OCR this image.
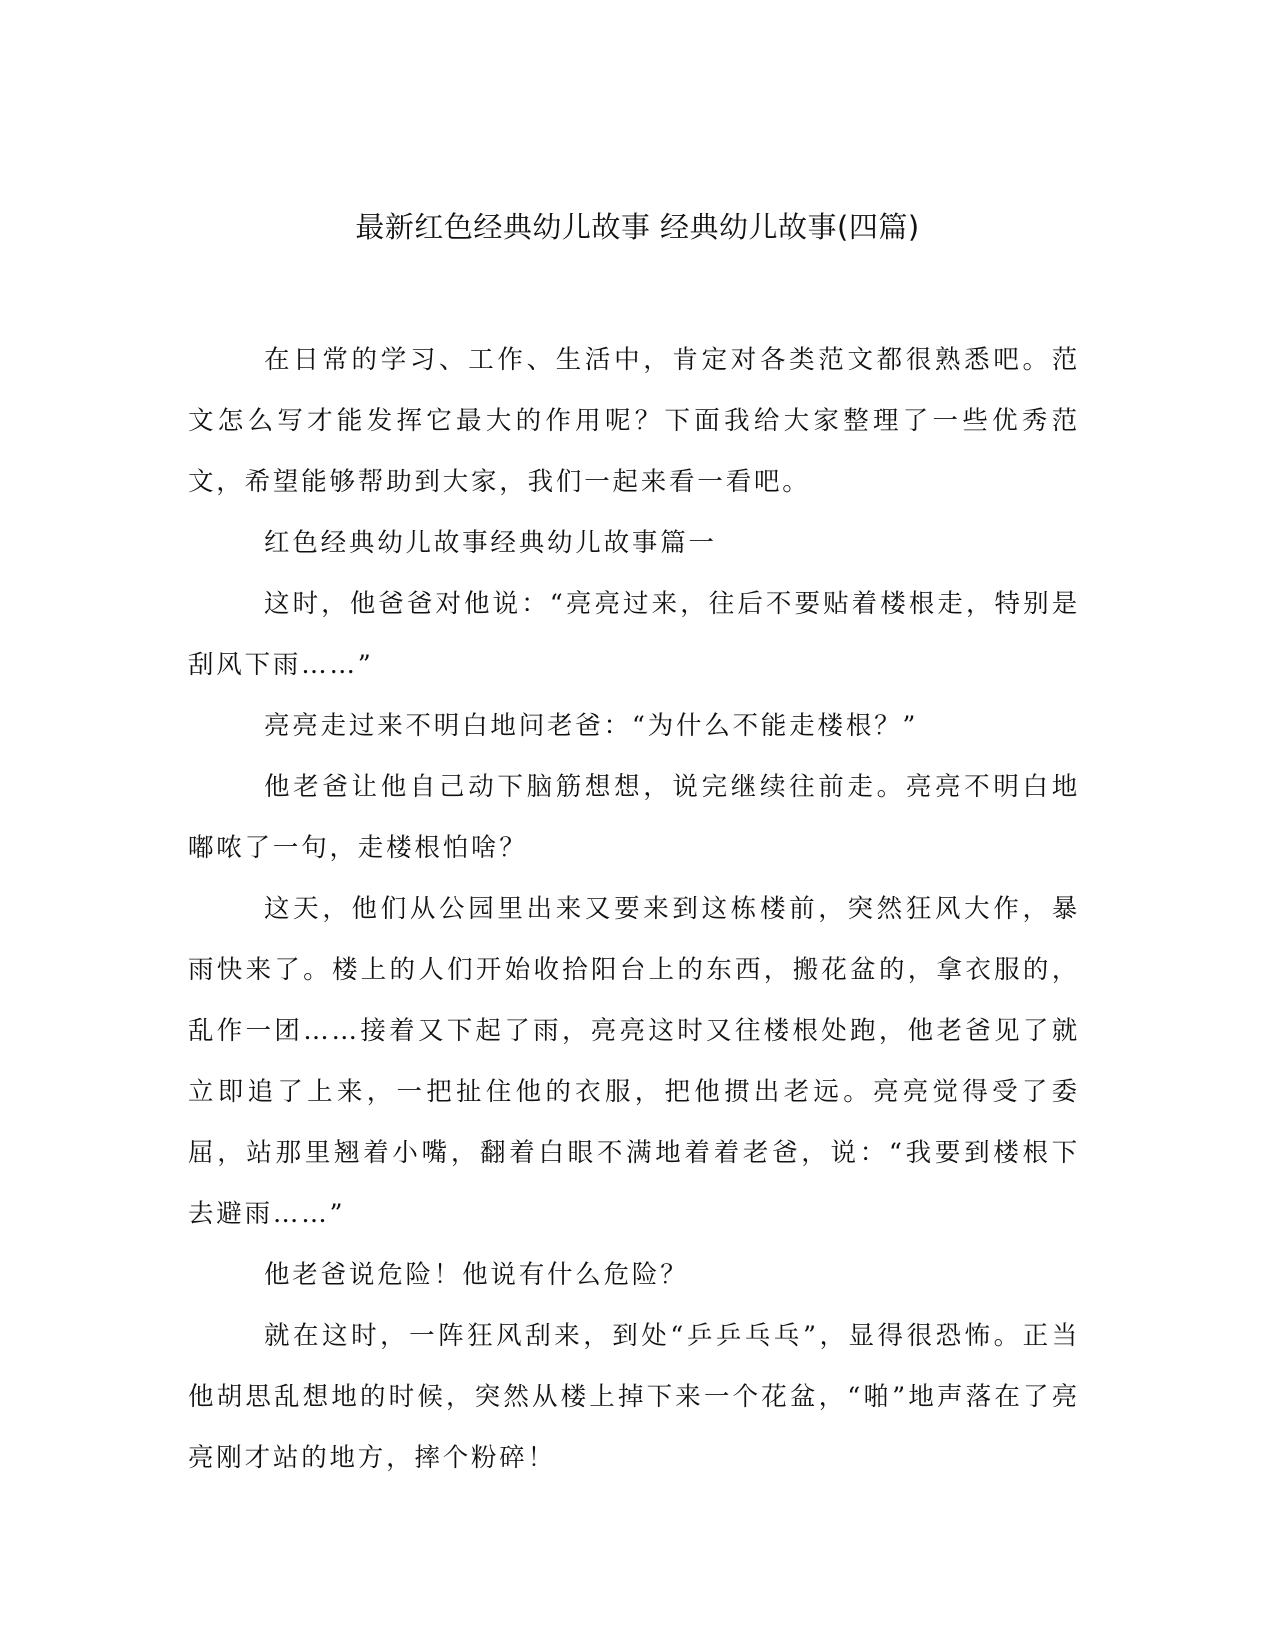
最新红色经典幼儿故事 经典幼儿故事(四篇)

在日常的学习、工作、生活中，肯定对各类范文都很熟悉吧。范文怎么写才能发挥它最大的作用呢？下面我给大家整理了一些优秀范文，希望能够帮助到大家，我们一起来看一看吧。

红色经典幼儿故事经典幼儿故事篇一

这时，他爸爸对他说：“亮亮过来，往后不要贴着楼根走，特别是刮风下雨……”

亮亮走过来不明白地问老爸：“为什么不能走楼根？”

他老爸让他自己动下脑筋想想，说完继续往前走。亮亮不明白地嘟哝了一句，走楼根怕啥？

这天，他们从公园里出来又要来到这栋楼前，突然狂风大作，暴雨快来了。楼上的人们开始收拾阳台上的东西，搬花盆的，拿衣服的，乱作一团……接着又下起了雨，亮亮这时又往楼根处跑，他老爸见了就立即追了上来，一把扯住他的衣服，把他掼出老远。亮亮觉得受了委屈，站那里翘着小嘴，翻着白眼不满地着着老爸，说：“我要到楼根下去避雨……”

他老爸说危险！他说有什么危险？

就在这时，一阵狂风刮来，到处“乒乒乓乓”，显得很恐怖。正当他胡思乱想地的时候，突然从楼上掉下来一个花盆，“啪”地声落在了亮亮刚才站的地方，摔个粉碎！
